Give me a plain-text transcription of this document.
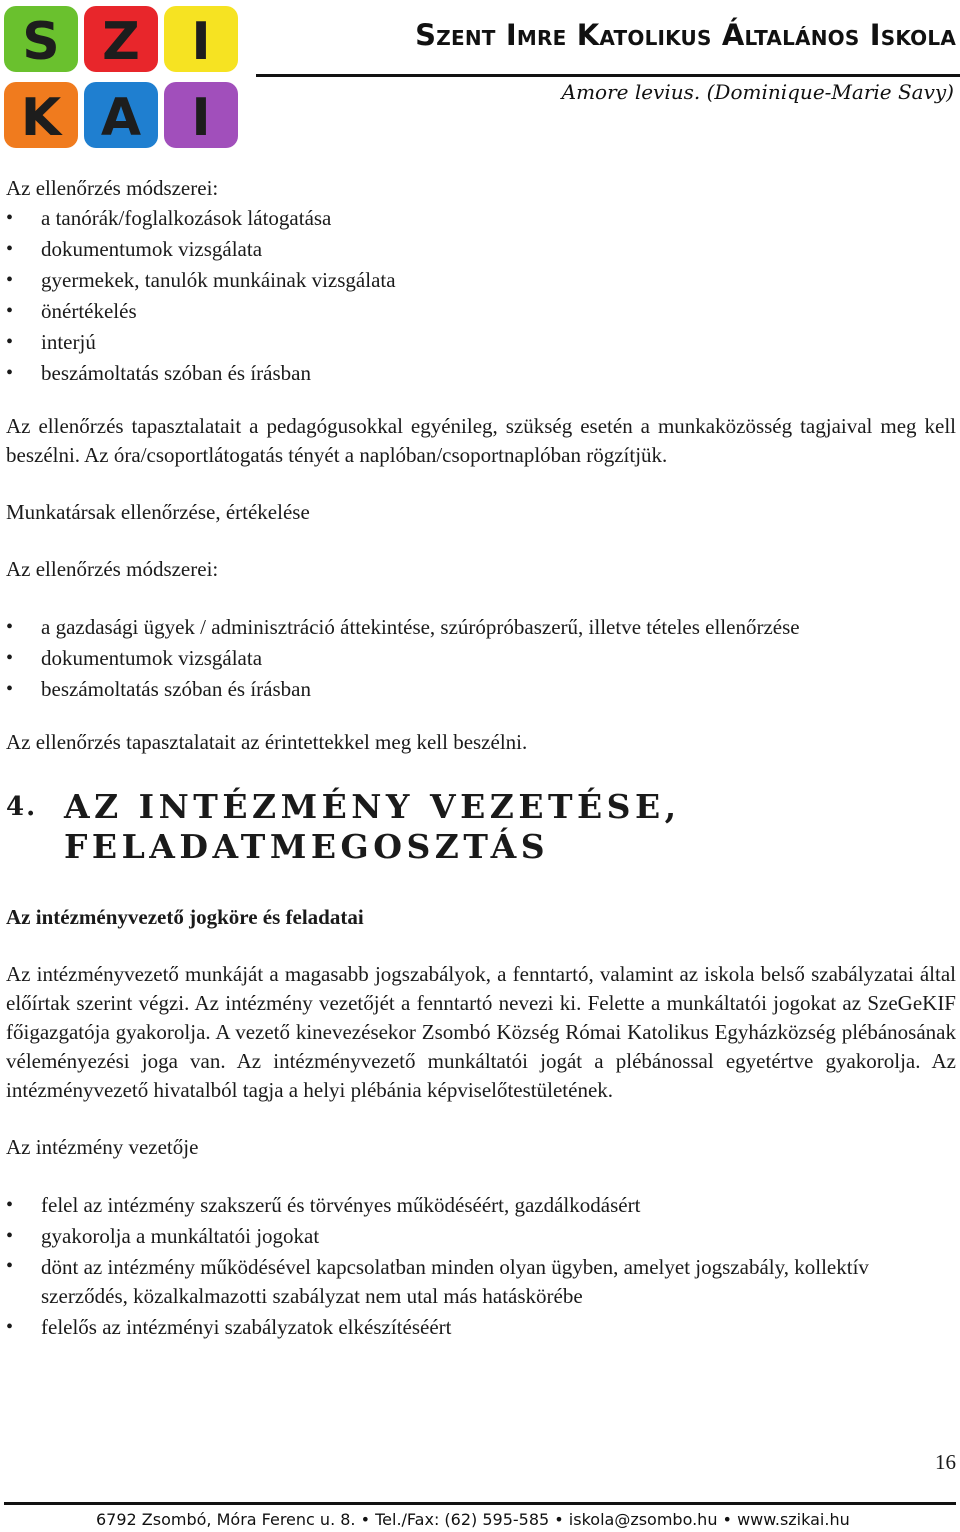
S Z I
K A I
Szent Imre Katolikus Általános Iskola
Amore levius. (Dominique-Marie Savy)

Az ellenőrzés módszerei:

• a tanórák/foglalkozások látogatása
• dokumentumok vizsgálata
• gyermekek, tanulók munkáinak vizsgálata
• önértékelés
• interjú
• beszámoltatás szóban és írásban

Az ellenőrzés tapasztalatait a pedagógusokkal egyénileg, szükség esetén a munkaközösség tagjaival meg kell beszélni. Az óra/csoportlátogatás tényét a naplóban/csoportnaplóban rögzítjük.

Munkatársak ellenőrzése, értékelése

Az ellenőrzés módszerei:

• a gazdasági ügyek / adminisztráció áttekintése, szúrópróbaszerű, illetve tételes ellenőrzése
• dokumentumok vizsgálata
• beszámoltatás szóban és írásban

Az ellenőrzés tapasztalatait az érintettekkel meg kell beszélni.

4. AZ INTÉZMÉNY VEZETÉSE, FELADATMEGOSZTÁS

Az intézményvezető jogköre és feladatai

Az intézményvezető munkáját a magasabb jogszabályok, a fenntartó, valamint az iskola belső szabályzatai által előírtak szerint végzi. Az intézmény vezetőjét a fenntartó nevezi ki. Felette a munkáltatói jogokat az SzeGeKIF főigazgatója gyakorolja. A vezető kinevezésekor Zsombó Község Római Katolikus Egyházközség plébánosának véleményezési joga van. Az intézményvezető munkáltatói jogát a plébánossal egyetértve gyakorolja. Az intézményvezető hivatalból tagja a helyi plébánia képviselőtestületének.

Az intézmény vezetője

• felel az intézmény szakszerű és törvényes működéséért, gazdálkodásért
• gyakorolja a munkáltatói jogokat
• dönt az intézmény működésével kapcsolatban minden olyan ügyben, amelyet jogszabály, kollektív szerződés, közalkalmazotti szabályzat nem utal más hatáskörébe
• felelős az intézményi szabályzatok elkészítéséért
16
6792 Zsombó, Móra Ferenc u. 8. • Tel./Fax: (62) 595-585 • iskola@zsombo.hu • www.szikai.hu
